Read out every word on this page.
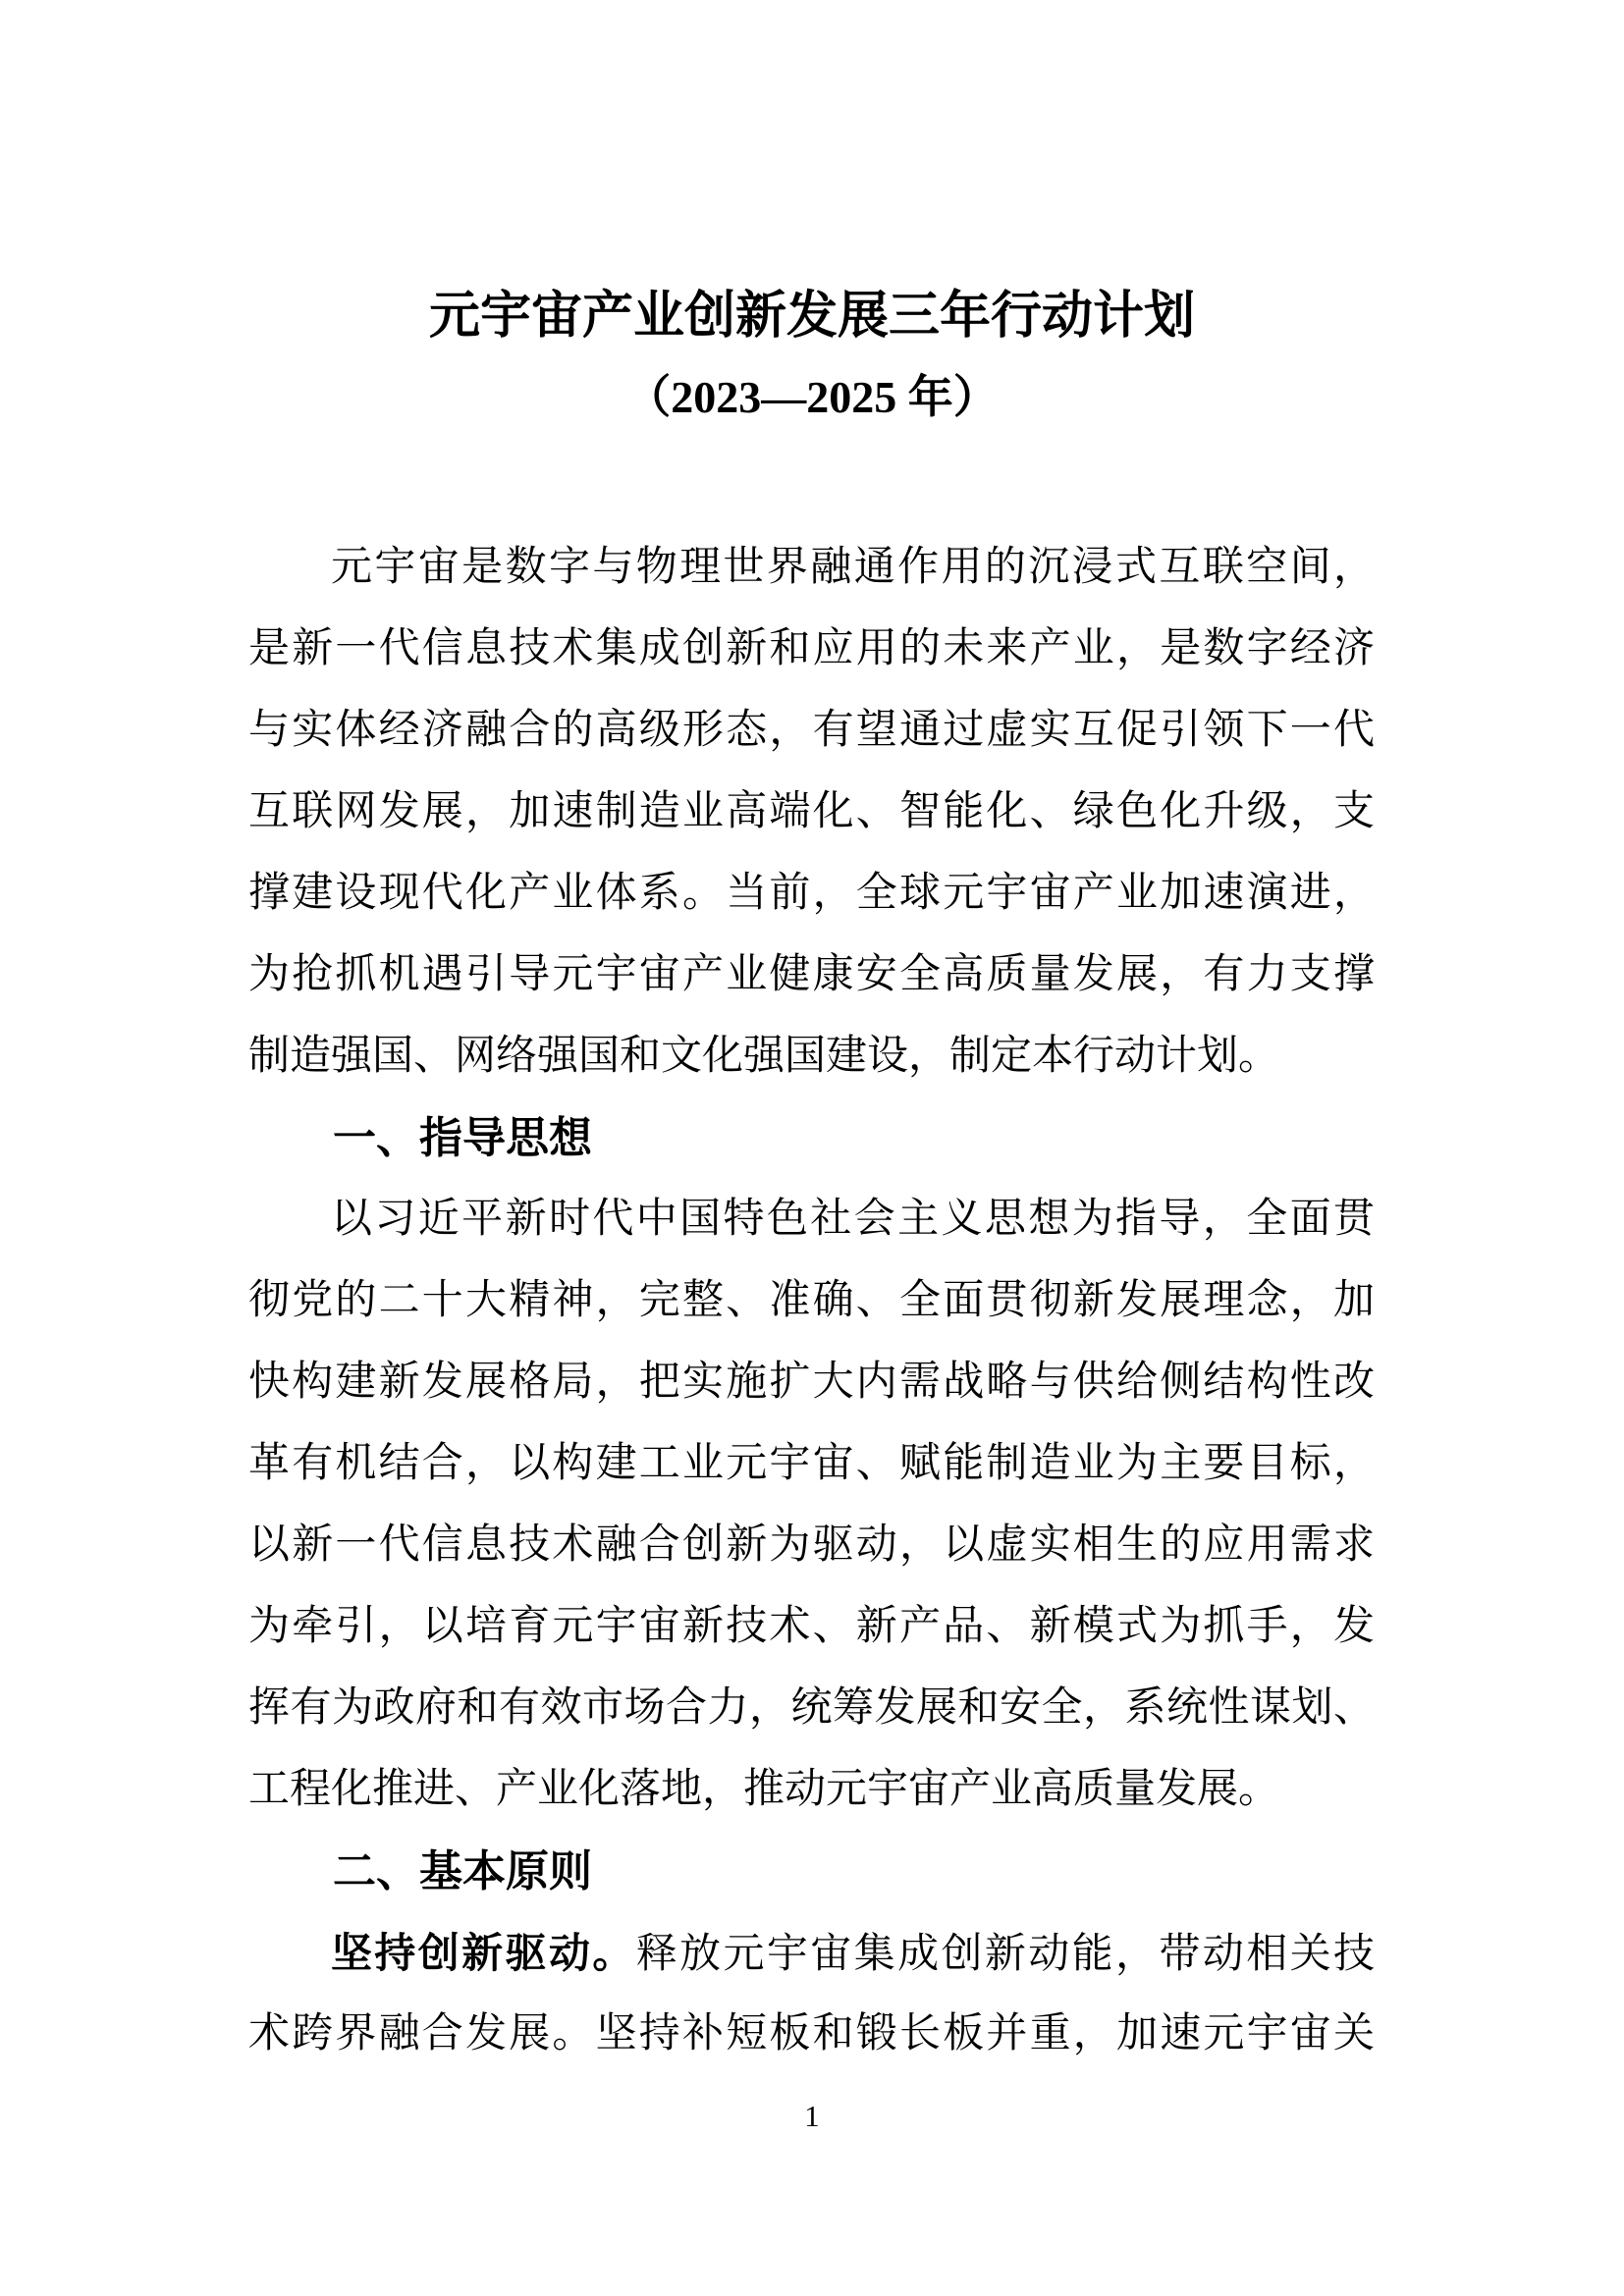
元宇宙产业创新发展三年行动计划
（2023—2025 年）
元宇宙是数字与物理世界融通作用的沉浸式互联空间，
是新一代信息技术集成创新和应用的未来产业，是数字经济
与实体经济融合的高级形态，有望通过虚实互促引领下一代
互联网发展，加速制造业高端化、智能化、绿色化升级，支
撑建设现代化产业体系。当前，全球元宇宙产业加速演进，
为抢抓机遇引导元宇宙产业健康安全高质量发展，有力支撑
制造强国、网络强国和文化强国建设，制定本行动计划。
一、指导思想
以习近平新时代中国特色社会主义思想为指导，全面贯
彻党的二十大精神，完整、准确、全面贯彻新发展理念，加
快构建新发展格局，把实施扩大内需战略与供给侧结构性改
革有机结合，以构建工业元宇宙、赋能制造业为主要目标，
以新一代信息技术融合创新为驱动，以虚实相生的应用需求
为牵引，以培育元宇宙新技术、新产品、新模式为抓手，发
挥有为政府和有效市场合力，统筹发展和安全，系统性谋划、
工程化推进、产业化落地，推动元宇宙产业高质量发展。
二、基本原则
坚持创新驱动。释放元宇宙集成创新动能，带动相关技
术跨界融合发展。坚持补短板和锻长板并重，加速元宇宙关
1
